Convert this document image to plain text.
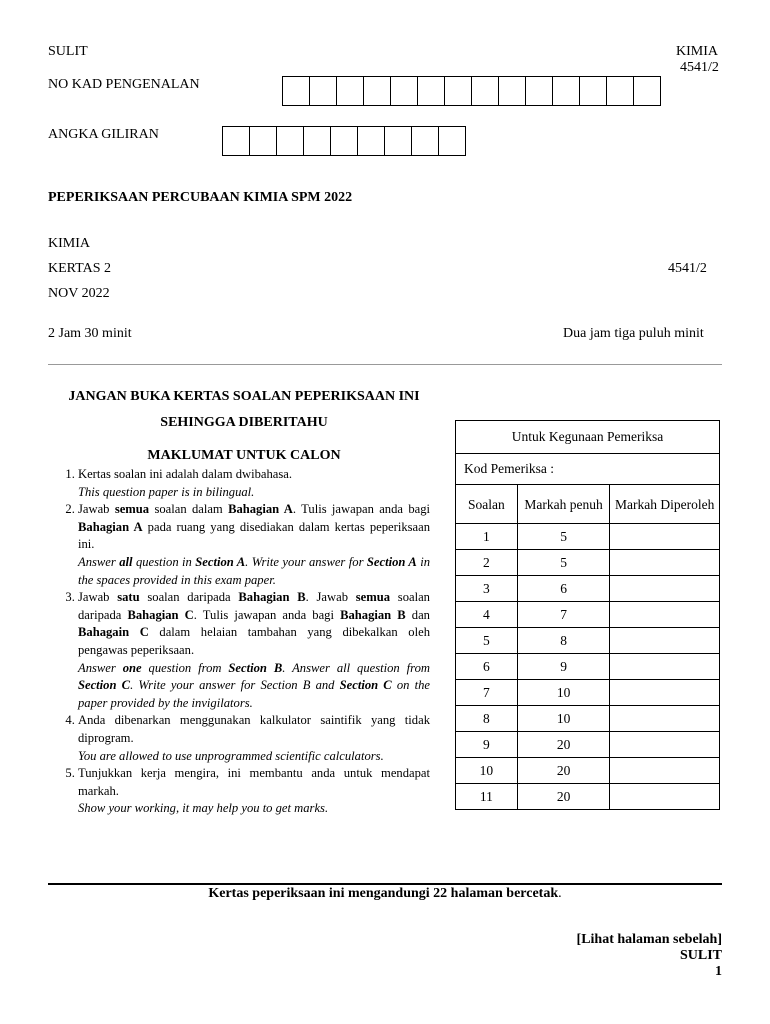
SULIT	KIMIA
4541/2
NO KAD PENGENALAN
ANGKA GILIRAN
PEPERIKSAAN PERCUBAAN KIMIA SPM 2022
KIMIA
KERTAS 2	4541/2
NOV 2022
2 Jam 30 minit	Dua jam tiga puluh minit
JANGAN BUKA KERTAS SOALAN PEPERIKSAAN INI
SEHINGGA DIBERITAHU
MAKLUMAT UNTUK CALON
1. Kertas soalan ini adalah dalam dwibahasa.
This question paper is in bilingual.
2. Jawab semua soalan dalam Bahagian A. Tulis jawapan anda bagi Bahagian A pada ruang yang disediakan dalam kertas peperiksaan ini.
Answer all question in Section A. Write your answer for Section A in the spaces provided in this exam paper.
3. Jawab satu soalan daripada Bahagian B. Jawab semua soalan daripada Bahagian C. Tulis jawapan anda bagi Bahagian B dan Bahagain C dalam helaian tambahan yang dibekalkan oleh pengawas peperiksaan.
Answer one question from Section B. Answer all question from Section C. Write your answer for Section B and Section C on the paper provided by the invigilators.
4. Anda dibenarkan menggunakan kalkulator saintifik yang tidak diprogram.
You are allowed to use unprogrammed scientific calculators.
5. Tunjukkan kerja mengira, ini membantu anda untuk mendapat markah.
Show your working, it may help you to get marks.
Untuk Kegunaan Pemeriksa		
Kod Pemeriksa :		
Soalan	Markah penuh	Markah Diperoleh
1	5	
2	5	
3	6	
4	7	
5	8	
6	9	
7	10	
8	10	
9	20	
10	20	
11	20	
Kertas peperiksaan ini mengandungi 22 halaman bercetak.
[Lihat halaman sebelah]
SULIT
1
